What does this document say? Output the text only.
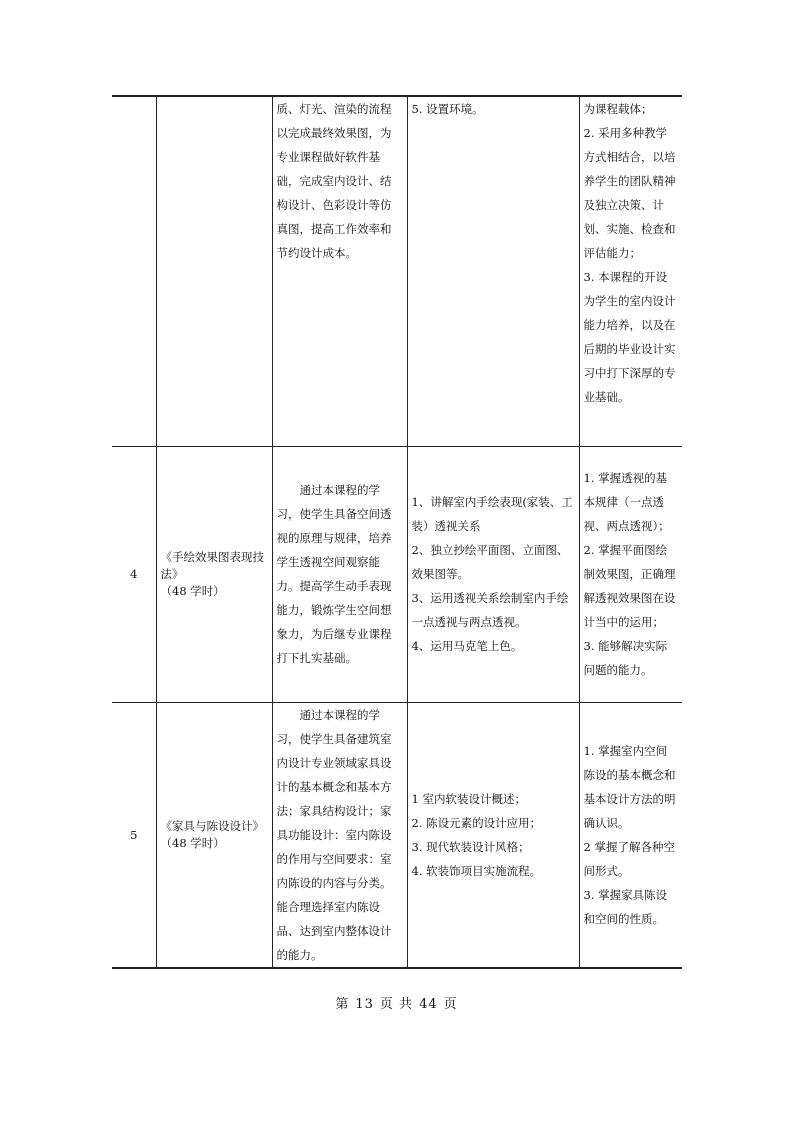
		质、灯光、渲染的流程以完成最终效果图，为专业课程做好软件基础，完成室内设计、结构设计、色彩设计等仿真图，提高工作效率和节约设计成本。	5. 设置环境。	为课程载体；
2. 采用多种教学方式相结合，以培养学生的团队精神及独立决策、计划、实施、检查和评估能力；
3. 本课程的开设为学生的室内设计能力培养，以及在后期的毕业设计实习中打下深厚的专业基础。

4	《手绘效果图表现技法》
（48 学时）	通过本课程的学习，使学生具备空间透视的原理与规律，培养学生透视空间观察能力。提高学生动手表现能力，锻炼学生空间想象力，为后继专业课程打下扎实基础。	1、讲解室内手绘表现(家装、工装）透视关系
2、独立抄绘平面图、立面图、效果图等。
3、运用透视关系绘制室内手绘一点透视与两点透视。
4、运用马克笔上色。	1. 掌握透视的基本规律（一点透视、两点透视）；
2. 掌握平面图绘制效果图，正确理解透视效果图在设计当中的运用；
3. 能够解决实际问题的能力。

5	《家具与陈设设计》
（48 学时）	通过本课程的学习，使学生具备建筑室内设计专业领域家具设计的基本概念和基本方法；家具结构设计；家具功能设计：室内陈设的作用与空间要求：室内陈设的内容与分类。能合理选择室内陈设品、达到室内整体设计的能力。	1 室内软装设计概述；
2. 陈设元素的设计应用；
3. 现代软装设计风格；
4. 软装饰项目实施流程。	1. 掌握室内空间陈设的基本概念和基本设计方法的明确认识。
2 掌握了解各种空间形式。
3. 掌握家具陈设和空间的性质。
第 13 页 共 44 页
